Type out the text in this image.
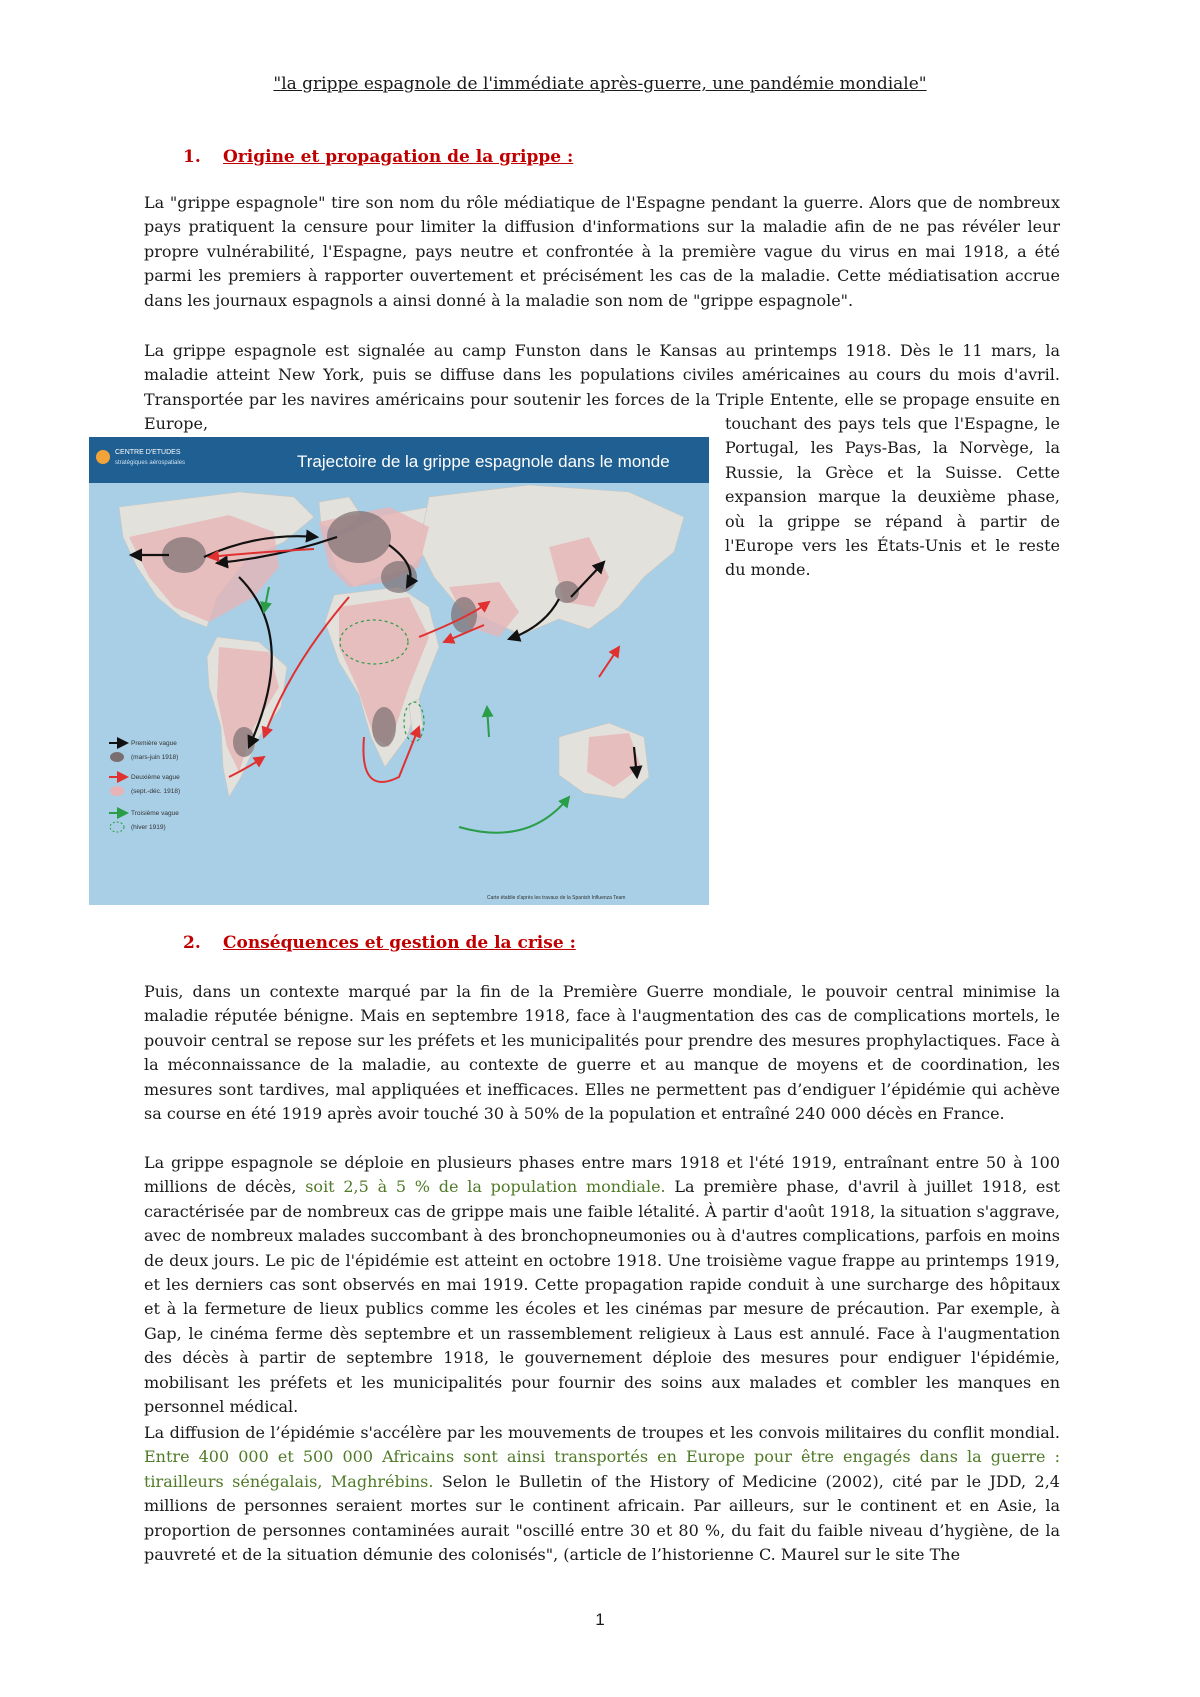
"la grippe espagnole de l'immédiate après-guerre, une pandémie mondiale"
1. Origine et propagation de la grippe :

La "grippe espagnole" tire son nom du rôle médiatique de l'Espagne pendant la guerre. Alors que de nombreux pays pratiquent la censure pour limiter la diffusion d'informations sur la maladie afin de ne pas révéler leur propre vulnérabilité, l'Espagne, pays neutre et confrontée à la première vague du virus en mai 1918, a été parmi les premiers à rapporter ouvertement et précisément les cas de la maladie. Cette médiatisation accrue dans les journaux espagnols a ainsi donné à la maladie son nom de "grippe espagnole".

La grippe espagnole est signalée au camp Funston dans le Kansas au printemps 1918. Dès le 11 mars, la maladie atteint New York, puis se diffuse dans les populations civiles américaines au cours du mois d'avril. Transportée par les navires américains pour soutenir les forces de la Triple Entente, elle se propage ensuite en Europe,	touchant des pays tels que l'Espagne, le Portugal, les Pays-Bas, la Norvège, la Russie, la Grèce et la Suisse. Cette expansion marque la deuxième phase, où la grippe se répand à partir de l'Europe vers les États-Unis et le reste du monde.

CENTRE D'ETUDES
stratégiques aérospatiales	Trajectoire de la grippe espagnole dans le monde
Première vague
(mars-juin 1918)
Deuxième vague
(sept.-déc. 1918)
Troisième vague
(hiver 1919)
Carte établie d'après les travaux de la Spanish Influenza Team
2. Conséquences et gestion de la crise :

Puis, dans un contexte marqué par la fin de la Première Guerre mondiale, le pouvoir central minimise la maladie réputée bénigne. Mais en septembre 1918, face à l'augmentation des cas de complications mortels, le pouvoir central se repose sur les préfets et les municipalités pour prendre des mesures prophylactiques. Face à la méconnaissance de la maladie, au contexte de guerre et au manque de moyens et de coordination, les mesures sont tardives, mal appliquées et inefficaces. Elles ne permettent pas d’endiguer l’épidémie qui achève sa course en été 1919 après avoir touché 30 à 50% de la population et entraîné 240 000 décès en France.

La grippe espagnole se déploie en plusieurs phases entre mars 1918 et l'été 1919, entraînant entre 50 à 100 millions de décès, soit 2,5 à 5 % de la population mondiale. La première phase, d'avril à juillet 1918, est caractérisée par de nombreux cas de grippe mais une faible létalité. À partir d'août 1918, la situation s'aggrave, avec de nombreux malades succombant à des bronchopneumonies ou à d'autres complications, parfois en moins de deux jours. Le pic de l'épidémie est atteint en octobre 1918. Une troisième vague frappe au printemps 1919, et les derniers cas sont observés en mai 1919. Cette propagation rapide conduit à une surcharge des hôpitaux et à la fermeture de lieux publics comme les écoles et les cinémas par mesure de précaution. Par exemple, à Gap, le cinéma ferme dès septembre et un rassemblement religieux à Laus est annulé. Face à l'augmentation des décès à partir de septembre 1918, le gouvernement déploie des mesures pour endiguer l'épidémie, mobilisant les préfets et les municipalités pour fournir des soins aux malades et combler les manques en personnel médical.

La diffusion de l’épidémie s'accélère par les mouvements de troupes et les convois militaires du conflit mondial. Entre 400 000 et 500 000 Africains sont ainsi transportés en Europe pour être engagés dans la guerre : tirailleurs sénégalais, Maghrébins. Selon le Bulletin of the History of Medicine (2002), cité par le JDD, 2,4 millions de personnes seraient mortes sur le continent africain. Par ailleurs, sur le continent et en Asie, la proportion de personnes contaminées aurait "oscillé entre 30 et 80 %, du fait du faible niveau d’hygiène, de la pauvreté et de la situation démunie des colonisés", (article de l’historienne C. Maurel sur le site The

1
